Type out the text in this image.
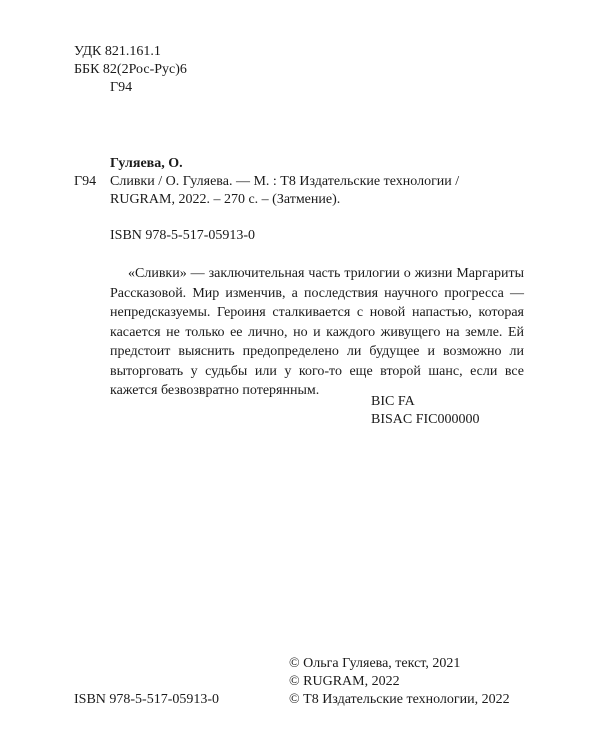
УДК 821.161.1
ББК 82(2Рос-Рус)6
Г94
Гуляева, О.
Г94 Сливки / О. Гуляева. — М. : Т8 Издательские технологии /
RUGRAM, 2022. – 270 с. – (Затмение).
ISBN 978-5-517-05913-0
«Сливки» — заключительная часть трилогии о жизни Маргариты Рассказовой. Мир изменчив, а последствия научного прогресса — непредсказуемы. Героиня сталкивается с новой напастью, которая касается не только ее лично, но и каждого живущего на земле. Ей предстоит выяснить предопределено ли будущее и возможно ли выторговать у судьбы или у кого-то еще второй шанс, если все кажется безвозвратно потерянным.
BIC FA
BISAC FIC000000
© Ольга Гуляева, текст, 2021
© RUGRAM, 2022
© Т8 Издательские технологии, 2022
ISBN 978-5-517-05913-0
